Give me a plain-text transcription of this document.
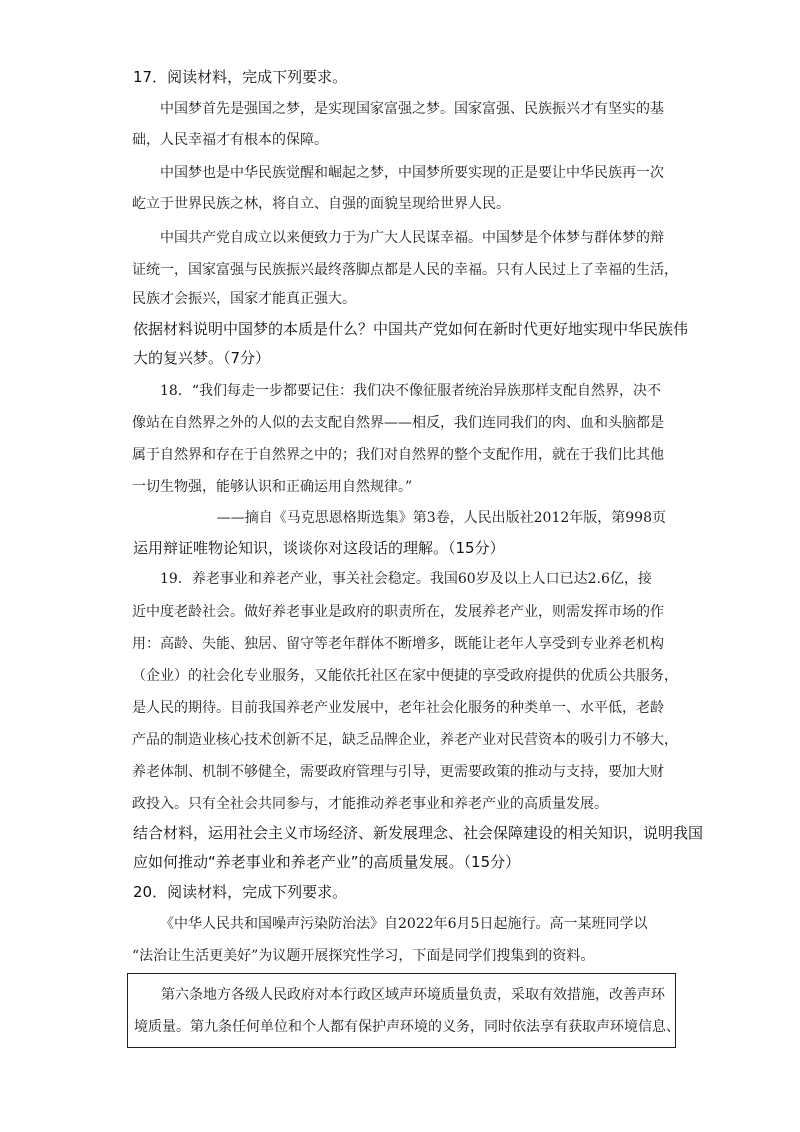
17．阅读材料，完成下列要求。
中国梦首先是强国之梦，是实现国家富强之梦。国家富强、民族振兴才有坚实的基
础，人民幸福才有根本的保障。
中国梦也是中华民族觉醒和崛起之梦，中国梦所要实现的正是要让中华民族再一次
屹立于世界民族之林，将自立、自强的面貌呈现给世界人民。
中国共产党自成立以来便致力于为广大人民谋幸福。中国梦是个体梦与群体梦的辩
证统一，国家富强与民族振兴最终落脚点都是人民的幸福。只有人民过上了幸福的生活，
民族才会振兴，国家才能真正强大。
依据材料说明中国梦的本质是什么？中国共产党如何在新时代更好地实现中华民族伟
大的复兴梦。（7分）
18．“我们每走一步都要记住：我们决不像征服者统治异族那样支配自然界，决不
像站在自然界之外的人似的去支配自然界——相反，我们连同我们的肉、血和头脑都是
属于自然界和存在于自然界之中的；我们对自然界的整个支配作用，就在于我们比其他
一切生物强，能够认识和正确运用自然规律。”
——摘自《马克思恩格斯选集》第3卷，人民出版社2012年版，第998页
运用辩证唯物论知识，谈谈你对这段话的理解。（15分）
19．养老事业和养老产业，事关社会稳定。我国60岁及以上人口已达2.6亿，接
近中度老龄社会。做好养老事业是政府的职责所在，发展养老产业，则需发挥市场的作
用：高龄、失能、独居、留守等老年群体不断增多，既能让老年人享受到专业养老机构
（企业）的社会化专业服务，又能依托社区在家中便捷的享受政府提供的优质公共服务，
是人民的期待。目前我国养老产业发展中，老年社会化服务的种类单一、水平低，老龄
产品的制造业核心技术创新不足，缺乏品牌企业，养老产业对民营资本的吸引力不够大，
养老体制、机制不够健全，需要政府管理与引导，更需要政策的推动与支持，要加大财
政投入。只有全社会共同参与，才能推动养老事业和养老产业的高质量发展。
结合材料，运用社会主义市场经济、新发展理念、社会保障建设的相关知识，说明我国
应如何推动“养老事业和养老产业”的高质量发展。（15分）
20．阅读材料，完成下列要求。
《中华人民共和国噪声污染防治法》自2022年6月5日起施行。高一某班同学以
“法治让生活更美好”为议题开展探究性学习，下面是同学们搜集到的资料。
第六条地方各级人民政府对本行政区域声环境质量负责，采取有效措施，改善声环
境质量。第九条任何单位和个人都有保护声环境的义务，同时依法享有获取声环境信息、
